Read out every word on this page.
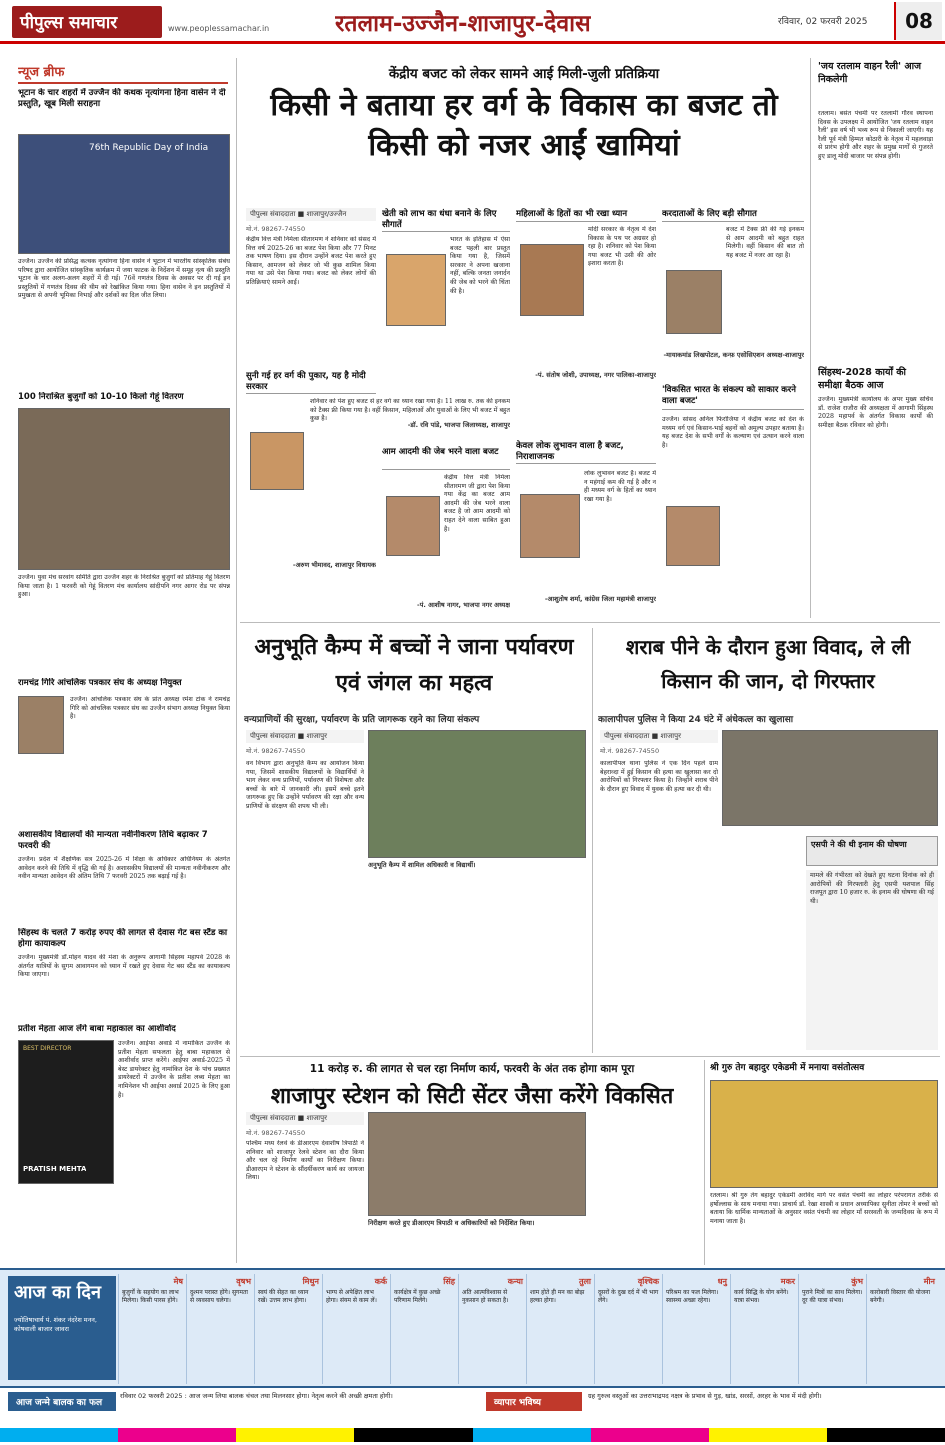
पीपुल्स समाचार	www.peoplessamachar.in	रतलाम-उज्जैन-शाजापुर-देवास	रविवार, 02 फरवरी 2025	08
न्यूज ब्रीफ
भूटान के चार शहरों में उज्जैन की कथक नृत्यांगना हिना वासेन ने दी प्रस्तुति, खूब मिली सराहना
76th Republic Day of India
उज्जैन। उज्जैन की प्रसिद्ध कत्थक नृत्यांगना हिना वासेन ने भूटान में भारतीय सांस्कृतिक संबंध परिषद द्वारा आयोजित सांस्कृतिक कार्यक्रम में जया फाटक के निर्देशन में समूह नृत्य की प्रस्तुति भूटान के चार अलग-अलग शहरों में दी गई। 76वें गणतंत्र दिवस के अवसर पर दी गई इन प्रस्तुतियों में गणतंत्र दिवस की थीम को रेखांकित किया गया। हिना वासेन ने इन प्रस्तुतियों में प्रमुखता से अपनी भूमिका निभाई और दर्शकों का दिल जीत लिया।
100 निराश्रित बुजुर्गों को 10-10 किलो गेहूं वितरण
उज्जैन। युवा मंच सरवांग समिति द्वारा उज्जैन शहर के निराश्रित बुजुर्गों को प्रतिमाह गेहूं वितरण किया जाता है। 1 फरवरी को गेहूं वितरण मंच कार्यालय सांदीपनि नगर आगर रोड पर संपन्न हुआ।
रामचंद्र गिरि आंचलिक पत्रकार संघ के अध्यक्ष नियुक्त
उज्जैन। आंचलिक पत्रकार संघ के प्रांत अध्यक्ष रमेश टांक ने रामचंद्र गिरि को आंचलिक पत्रकार संघ का उज्जैन संभाग अध्यक्ष नियुक्त किया है।
अशासकीय विद्यालयों की मान्यता नवीनीकरण तिथि बढ़ाकर 7 फरवरी की
उज्जैन। प्रदेश में शैक्षणिक सत्र 2025-26 में शिक्षा के अधिकार अधिनियम के अंतर्गत आवेदन करने की तिथि में वृद्धि की गई है। अशासकीय विद्यालयों की मान्यता नवीनीकरण और नवीन मान्यता आवेदन की अंतिम तिथि 7 फरवरी 2025 तक बढ़ाई गई है।
सिंहस्थ के चलते 7 करोड़ रुपए की लागत से देवास गेट बस स्टैंड का होगा कायाकल्प
उज्जैन। मुख्यमंत्री डॉ.मोहन यादव की मंशा के अनुरूप आगामी सिंहस्थ महापर्व 2028 के अंतर्गत यात्रियों के सुगम आवागमन को ध्यान में रखते हुए देवास गेट बस स्टैंड का कायाकल्प किया जाएगा।
प्रतीश मेहता आज लेंगे बाबा महाकाल का आशीर्वाद
BEST DIRECTOR
PRATISH MEHTA
उज्जैन। आईफा अवार्ड में नामांकित उज्जैन के प्रतीश मेहता सफलता हेतु बाबा महाकाल से आशीर्वाद प्राप्त करेंगे। आईफा अवार्ड-2025 में बेस्ट डायरेक्टर हेतु नामांकित देश के पांच प्रख्यात डायरेक्टरों में उज्जैन के प्रतीश लब्ध मेहता का नामिनेशन भी आईफा अवार्ड 2025 के लिए हुआ है।
केंद्रीय बजट को लेकर सामने आई मिली-जुली प्रतिक्रिया
किसी ने बताया हर वर्ग के विकास का बजट तो किसी को नजर आईं खामियां
पीपुल्स संवाददाता ■ शाजापुर/उज्जैन
मो.नं. 98267-74550
केंद्रीय वित्त मंत्री निर्मला सीतारमण ने शनिवार को संसद में वित्त वर्ष 2025-26 का बजट पेश किया और 77 मिनट तक भाषण दिया। इस दौरान उन्होंने बजट पेश करते हुए किसान, आमजन को लेकर जो भी कुछ शामिल किया गया था उसे पेश किया गया। बजट को लेकर लोगों की प्रतिक्रियाएं सामने आईं।
सुनी गई हर वर्ग की पुकार, यह है मोदी सरकार
शनिवार को पेश हुए बजट से हर वर्ग का ध्यान रखा गया है। 11 लाख रु. तक की इनकम को टैक्स फ्री किया गया है। वहीं किसान, महिलाओं और युवाओं के लिए भी बजट में बहुत कुछ है।
-अरुण भीमावद, शाजापुर विधायक
खेती को लाभ का धंधा बनाने के लिए सौगातें
भारत के इतिहास में ऐसा बजट पहली बार प्रस्तुत किया गया है, जिसमें सरकार ने अपना खजाना नहीं, बल्कि जनता जनार्दन की जेब को भरने की चिंता की है।
-डॉ. रवि पांडे, भाजपा जिलाध्यक्ष, शाजापुर
आम आदमी की जेब भरने वाला बजट
केंद्रीय वित्त मंत्री निर्मला सीतारमण जी द्वारा पेश किया गया केंद्र का बजट आम आदमी की जेब भरने वाला बजट है जो आम आदमी को राहत देने वाला साबित हुआ है।
-पं. आशीष नागर, भाजपा नगर अध्यक्ष
महिलाओं के हितों का भी रखा ध्यान
मोदी सरकार के नेतृत्व में देश विकास के पथ पर अग्रसर हो रहा है। शनिवार को पेश किया गया बजट भी उसी की ओर इशारा करता है।
-पं. संतोष जोशी, उपाध्यक्ष, नगर पालिका-शाजापुर
केवल लोक लुभावन वाला है बजट, निराशाजनक
लोक लुभावन बजट है। बजट में न महंगाई कम की गई है और न ही मध्यम वर्ग के हितों का ध्यान रखा गया है।
-आशुतोष शर्मा, कांग्रेस जिला महामंत्री शाजापुर
करदाताओं के लिए बड़ी सौगात
बजट में टैक्स फ्री की गई इनकम से आम आदमी को बहुत राहत मिलेगी। वहीं किसान की बात तो यह बजट में नजर आ रहा है।
-मायाकमांड लिखपोटल, कन्फ़ एसोसिएशन अध्यक्ष-शाजापुर
'विकसित भारत के संकल्प को साकार करने वाला बजट'
उज्जैन। सांसद अनिल फिरोजिया ने केंद्रीय बजट को देश के मध्यम वर्ग एवं किसान-भाई बहनों को अमूल्य उपहार बताया है। यह बजट देश के सभी वर्गों के कल्याण एवं उत्थान करने वाला है।
'जय रतलाम वाहन रैली' आज निकलेगी
रतलाम। बसंत पंचमी पर रतलामी गौरव स्थापना दिवस के उपलक्ष्य में आयोजित 'जय रतलाम वाहन रैली' इस वर्ष भी भव्य रूप से निकाली जाएगी। यह रैली पूर्व मंत्री हिम्मत कोठारी के नेतृत्व में महलवाड़ा से प्रारंभ होगी और शहर के प्रमुख मार्गों से गुजरते हुए डालू मोदी बाजार पर संपन्न होगी।
सिंहस्थ-2028 कार्यों की समीक्षा बैठक आज
उज्जैन। मुख्यमंत्री कार्यालय के अपर मुख्य सचिव डॉ. राजेश राजौरा की अध्यक्षता में आगामी सिंहस्थ 2028 महापर्व के अंतर्गत विकास कार्यों की समीक्षा बैठक रविवार को होगी।
अनुभूति कैम्प में बच्चों ने जाना पर्यावरण एवं जंगल का महत्व
वन्यप्राणियों की सुरक्षा, पर्यावरण के प्रति जागरूक रहने का लिया संकल्प
पीपुल्स संवाददाता ■ शाजापुर
मो.नं. 98267-74550
वन विभाग द्वारा अनुभूति कैम्प का आयोजन किया गया, जिसमें शासकीय विद्यालयों के विद्यार्थियों ने भाग लेकर वन्य प्राणियों, पर्यावरण की विशेषता और बच्चों के बारे में जानकारी ली। इसमें बच्चे इतने जागरूक हुए कि उन्होंने पर्यावरण की रक्षा और वन्य प्राणियों के संरक्षण की शपथ भी ली।
अनुभूति कैम्प में शामिल अधिकारी व विद्यार्थी।
शराब पीने के दौरान हुआ विवाद, ले ली किसान की जान, दो गिरफ्तार
कालापीपल पुलिस ने किया 24 घंटे में अंधेकत्ल का खुलासा
पीपुल्स संवाददाता ■ शाजापुर
मो.नं. 98267-74550
कालापीपल थाना पुलिस ने एक दिन पहले ग्राम बेहराव्दा में हुई किसान की हत्या का खुलासा कर दो आरोपियों को गिरफ्तार किया है। जिन्होंने शराब पीने के दौरान हुए विवाद में युवक की हत्या कर दी थी।
एसपी ने की थी इनाम की घोषणा
मामले की गंभीरता को देखते हुए घटना दिनांक को ही आरोपियों की गिरफ्तारी हेतु एसपी यशपाल सिंह राजपूत द्वारा 10 हजार रु. के इनाम की घोषणा की गई थी।
11 करोड़ रु. की लागत से चल रहा निर्माण कार्य, फरवरी के अंत तक होगा काम पूरा
शाजापुर स्टेशन को सिटी सेंटर जैसा करेंगे विकसित
पीपुल्स संवाददाता ■ शाजापुर
मो.नं. 98267-74550
पश्चिम मध्य रेलवे के डीआरएम देवाशीष त्रिपाठी ने शनिवार को शाजापुर रेलवे स्टेशन का दौरा किया और चल रहे निर्माण कार्यों का निरीक्षण किया। डीआरएम ने स्टेशन के सौंदर्यीकरण कार्य का जायजा लिया।
निरीक्षण करते हुए डीआरएम त्रिपाठी व अधिकारियों को निर्देशित किया।
श्री गुरु तेग बहादुर एकेडमी में मनाया वसंतोत्सव
रतलाम। श्री गुरु तेग बहादुर एकेडमी अरविंद मार्ग पर वसंत पंचमी का लोहार परंपरागत तरीके से हर्षोल्लास के साथ मनाया गया। प्राचार्य डॉ. रेखा शास्त्री व प्रधान अध्यापिका सुनीता तोमर ने बच्चों को बताया कि धार्मिक मान्यताओं के अनुसार वसंत पंचमी का लोहार माँ सरस्वती के जन्मदिवस के रूप में मनाया जाता है।
आज का दिन
ज्योतिषाचार्य पं. शंकर नंदरेश मनन, कोषवाली बाजार जावरा
मेष
बुजुर्गों के सहयोग का लाभ मिलेगा। किसी पारस होंगे।
वृषभ
दुश्मन परास्त होंगे। सुगमता से व्यवसाय चलेगा।
मिथुन
स्वयं की सेहत का ध्यान रखें। उत्तम लाभ होगा।
कर्क
भाग्य से अपेक्षित लाभ होगा। संयम से काम लें।
सिंह
कार्यक्षेत्र में कुछ अच्छे परिणाम मिलेंगे।
कन्या
अति आत्मविश्वास से नुकसान हो सकता है।
तुला
शाम होते ही मन का बोझ हल्का होगा।
वृश्चिक
दूसरों के दुख दर्द में भी भाग लेंगे।
धनु
परिश्रम का फल मिलेगा। स्वास्थ्य अच्छा रहेगा।
मकर
कार्य सिद्धि के योग बनेंगे। यात्रा संभव।
कुंभ
पुराने मित्रों का साथ मिलेगा। दूर की यात्रा संभव।
मीन
कारोबारी विस्तार की योजना बनेगी।
आज जन्मे बालक का फल
रविवार 02 फरवरी 2025 : आज जन्म लिया बालक चंचल तथा मिलनसार होगा। नेतृत्व करने की अच्छी क्षमता होगी।
व्यापार भविष्य
ग्रह गुरुत्व वस्तुओं का उत्तराभाद्रपद नक्षत्र के प्रभाव से गुड़, खांड, सरसों, अरहर के भाव में मंदी होगी।
